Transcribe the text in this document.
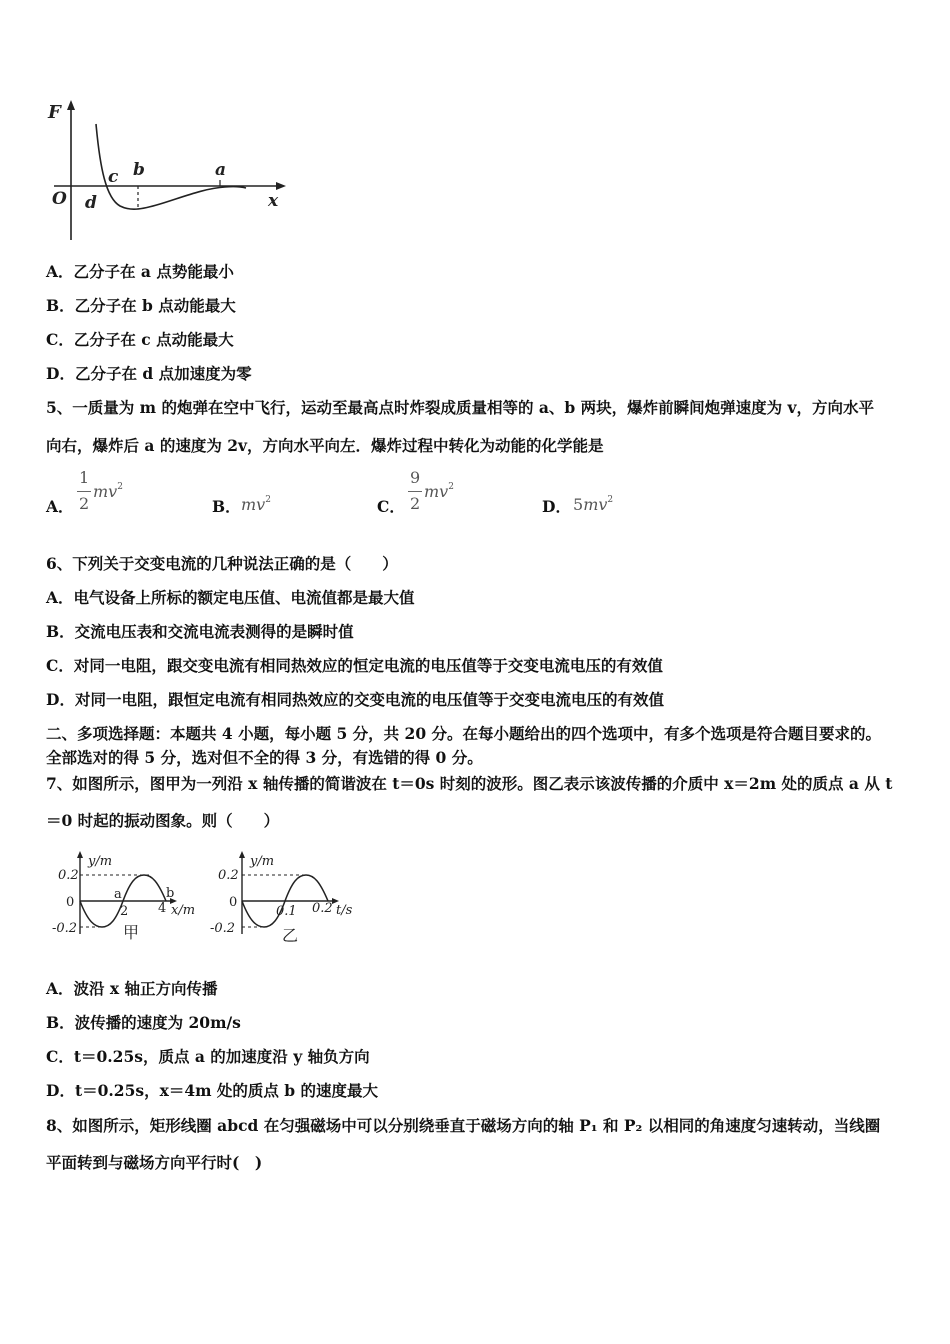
F
O d
c b	a
x
A．乙分子在 a 点势能最小
B．乙分子在 b 点动能最大
C．乙分子在 c 点动能最大
D．乙分子在 d 点加速度为零
5、一质量为 m 的炮弹在空中飞行，运动至最高点时炸裂成质量相等的 a、b 两块，爆炸前瞬间炮弹速度为 v，方向水平
向右，爆炸后 a 的速度为 2v，方向水平向左．爆炸过程中转化为动能的化学能是
A．
1
2
$mv^2$
B． $mv^2$	C．
9
2
$mv^2$
D． $5mv^2$
6、下列关于交变电流的几种说法正确的是（　　）
A．电气设备上所标的额定电压值、电流值都是最大值
B．交流电压表和交流电流表测得的是瞬时值
C．对同一电阻，跟交变电流有相同热效应的恒定电流的电压值等于交变电流电压的有效值
D．对同一电阻，跟恒定电流有相同热效应的交变电流的电压值等于交变电流电压的有效值
二、多项选择题：本题共 4 小题，每小题 5 分，共 20 分。在每小题给出的四个选项中，有多个选项是符合题目要求的。
全部选对的得 5 分，选对但不全的得 3 分，有选错的得 0 分。
7、如图所示，图甲为一列沿 x 轴传播的简谐波在 t＝0s 时刻的波形。图乙表示该波传播的介质中 x＝2m 处的质点 a 从 t
＝0 时起的振动图象。则（　　）
y/m
0.2
0
-0.2
a	b
2 4 x/m
甲
y/m
0.2
0
-0.2
0.1 0.2 t/s
乙
A．波沿 x 轴正方向传播
B．波传播的速度为 20m/s
C．t＝0.25s，质点 a 的加速度沿 y 轴负方向
D．t＝0.25s，x＝4m 处的质点 b 的速度最大
8、如图所示，矩形线圈 abcd 在匀强磁场中可以分别绕垂直于磁场方向的轴 P₁ 和 P₂ 以相同的角速度匀速转动，当线圈
平面转到与磁场方向平行时(　)
